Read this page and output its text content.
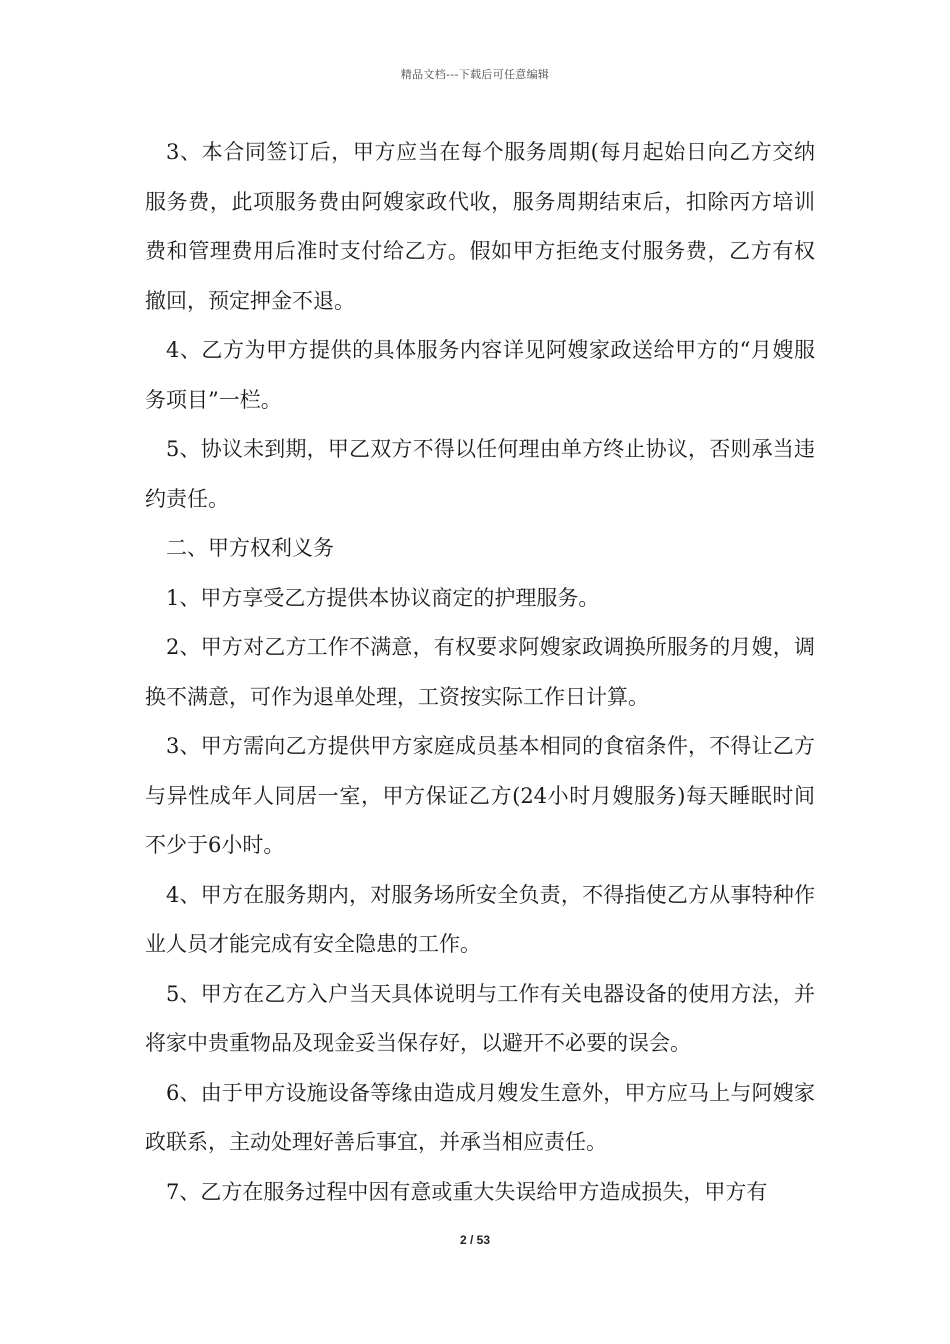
精品文档---下载后可任意编辑

3、本合同签订后，甲方应当在每个服务周期(每月起始日向乙方交纳服务费，此项服务费由阿嫂家政代收，服务周期结束后，扣除丙方培训费和管理费用后准时支付给乙方。假如甲方拒绝支付服务费，乙方有权撤回，预定押金不退。

4、乙方为甲方提供的具体服务内容详见阿嫂家政送给甲方的“月嫂服务项目”一栏。

5、协议未到期，甲乙双方不得以任何理由单方终止协议，否则承当违约责任。

二、甲方权利义务

1、甲方享受乙方提供本协议商定的护理服务。

2、甲方对乙方工作不满意，有权要求阿嫂家政调换所服务的月嫂，调换不满意，可作为退单处理，工资按实际工作日计算。

3、甲方需向乙方提供甲方家庭成员基本相同的食宿条件，不得让乙方与异性成年人同居一室，甲方保证乙方(24小时月嫂服务)每天睡眠时间不少于6小时。

4、甲方在服务期内，对服务场所安全负责，不得指使乙方从事特种作业人员才能完成有安全隐患的工作。

5、甲方在乙方入户当天具体说明与工作有关电器设备的使用方法，并将家中贵重物品及现金妥当保存好，以避开不必要的误会。

6、由于甲方设施设备等缘由造成月嫂发生意外，甲方应马上与阿嫂家政联系，主动处理好善后事宜，并承当相应责任。

7、乙方在服务过程中因有意或重大失误给甲方造成损失，甲方有

2 / 53
